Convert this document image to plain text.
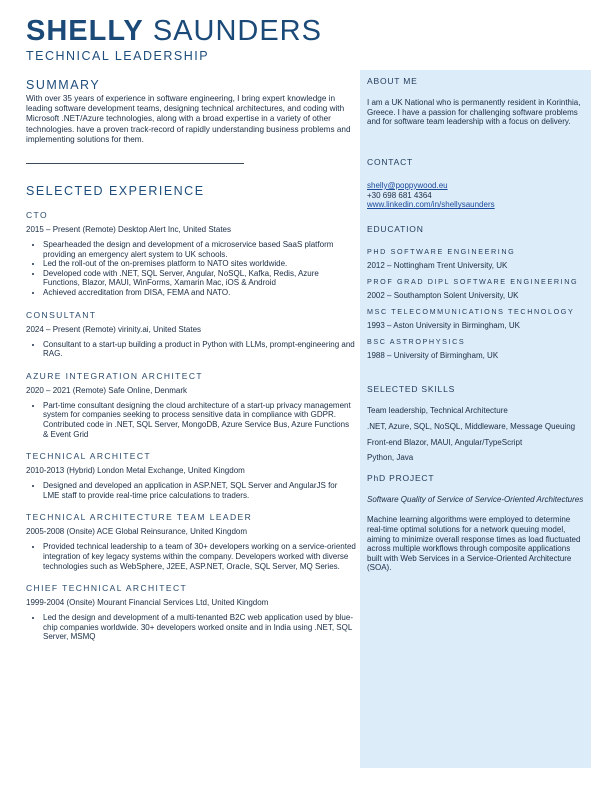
SHELLY SAUNDERS
TECHNICAL LEADERSHIP
SUMMARY
With over 35 years of experience in software engineering, I bring expert knowledge in leading software development teams, designing technical architectures, and coding with Microsoft .NET/Azure technologies, along with a broad expertise in a variety of other technologies. have a proven track-record of rapidly understanding business problems and implementing solutions for them.
SELECTED EXPERIENCE
CTO
2015 – Present (Remote) Desktop Alert Inc, United States
• Spearheaded the design and development of a microservice based SaaS platform providing an emergency alert system to UK schools.
• Led the roll-out of the on-premises platform to NATO sites worldwide.
• Developed code with .NET, SQL Server, Angular, NoSQL, Kafka, Redis, Azure Functions, Blazor, MAUI, WinForms, Xamarin Mac, iOS & Android
• Achieved accreditation from DISA, FEMA and NATO.
CONSULTANT
2024 – Present (Remote) virinity.ai, United States
• Consultant to a start-up building a product in Python with LLMs, prompt-engineering and RAG.
AZURE INTEGRATION ARCHITECT
2020 – 2021 (Remote) Safe Online, Denmark
• Part-time consultant designing the cloud architecture of a start-up privacy management system for companies seeking to process sensitive data in compliance with GDPR. Contributed code in .NET, SQL Server, MongoDB, Azure Service Bus, Azure Functions & Event Grid
TECHNICAL ARCHITECT
2010-2013 (Hybrid) London Metal Exchange, United Kingdom
• Designed and developed an application in ASP.NET, SQL Server and AngularJS for LME staff to provide real-time price calculations to traders.
TECHNICAL ARCHITECTURE TEAM LEADER
2005-2008 (Onsite) ACE Global Reinsurance, United Kingdom
• Provided technical leadership to a team of 30+ developers working on a service-oriented integration of key legacy systems within the company. Developers worked with diverse technologies such as WebSphere, J2EE, ASP.NET, Oracle, SQL Server, MQ Series.
CHIEF TECHNICAL ARCHITECT
1999-2004 (Onsite) Mourant Financial Services Ltd, United Kingdom
• Led the design and development of a multi-tenanted B2C web application used by blue-chip companies worldwide. 30+ developers worked onsite and in India using .NET, SQL Server, MSMQ
ABOUT ME
I am a UK National who is permanently resident in Korinthia, Greece. I have a passion for challenging software problems and for software team leadership with a focus on delivery.
CONTACT
shelly@poppywood.eu
+30 698 681 4364
www.linkedin.com/in/shellysaunders
EDUCATION
PHD SOFTWARE ENGINEERING
2012 – Nottingham Trent University, UK
PROF GRAD DIPL SOFTWARE ENGINEERING
2002 – Southampton Solent University, UK
MSC TELECOMMUNICATIONS TECHNOLOGY
1993 – Aston University in Birmingham, UK
BSC ASTROPHYSICS
1988 – University of Birmingham, UK
SELECTED SKILLS
Team leadership, Technical Architecture
.NET, Azure, SQL, NoSQL, Middleware, Message Queuing
Front-end Blazor, MAUI, Angular/TypeScript
Python, Java
PhD PROJECT
Software Quality of Service of Service-Oriented Architectures
Machine learning algorithms were employed to determine real-time optimal solutions for a network queuing model, aiming to minimize overall response times as load fluctuated across multiple workflows through composite applications built with Web Services in a Service-Oriented Architecture (SOA).
